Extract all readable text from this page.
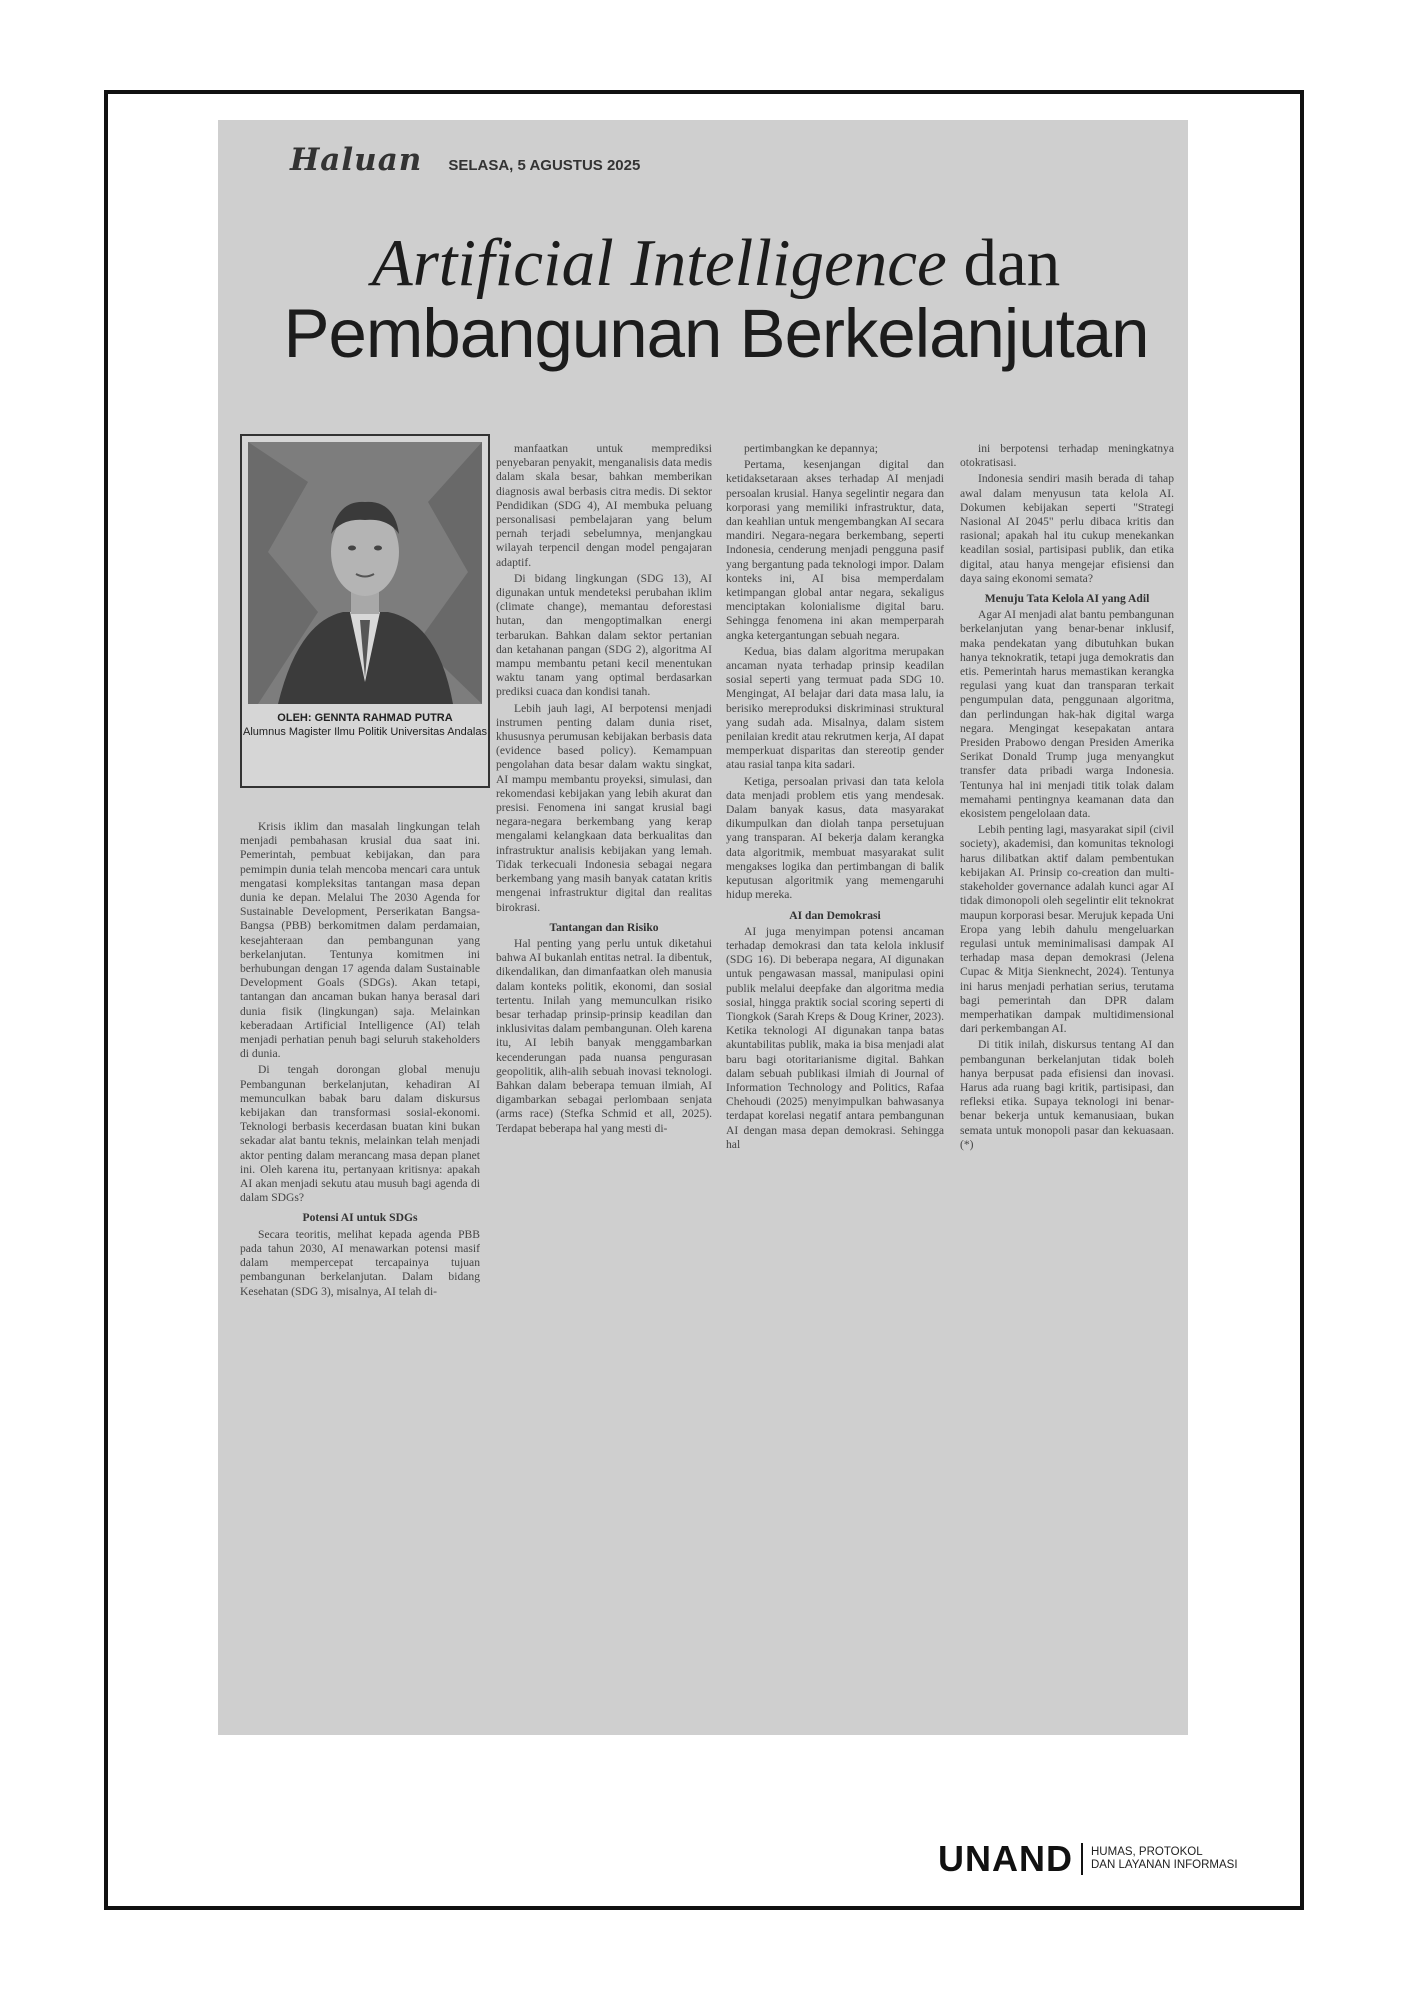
Haluan SELASA, 5 AGUSTUS 2025
Artificial Intelligence dan
Pembangunan Berkelanjutan
OLEH: GENNTA RAHMAD PUTRA
Alumnus Magister Ilmu Politik Universitas Andalas

Krisis iklim dan masalah lingkungan telah menjadi pembahasan krusial dua saat ini. Pemerintah, pembuat kebijakan, dan para pemimpin dunia telah mencoba mencari cara untuk mengatasi kompleksitas tantangan masa depan dunia ke depan. Melalui The 2030 Agenda for Sustainable Development, Perserikatan Bangsa-Bangsa (PBB) berkomitmen dalam perdamaian, kesejahteraan dan pembangunan yang berkelanjutan. Tentunya komitmen ini berhubungan dengan 17 agenda dalam Sustainable Development Goals (SDGs). Akan tetapi, tantangan dan ancaman bukan hanya berasal dari dunia fisik (lingkungan) saja. Melainkan keberadaan Artificial Intelligence (AI) telah menjadi perhatian penuh bagi seluruh stakeholders di dunia.

Di tengah dorongan global menuju Pembangunan berkelanjutan, kehadiran AI memunculkan babak baru dalam diskursus kebijakan dan transformasi sosial-ekonomi. Teknologi berbasis kecerdasan buatan kini bukan sekadar alat bantu teknis, melainkan telah menjadi aktor penting dalam merancang masa depan planet ini. Oleh karena itu, pertanyaan kritisnya: apakah AI akan menjadi sekutu atau musuh bagi agenda di dalam SDGs?

Potensi AI untuk SDGs

Secara teoritis, melihat kepada agenda PBB pada tahun 2030, AI menawarkan potensi masif dalam mempercepat tercapainya tujuan pembangunan berkelanjutan. Dalam bidang Kesehatan (SDG 3), misalnya, AI telah di-

manfaatkan untuk memprediksi penyebaran penyakit, menganalisis data medis dalam skala besar, bahkan memberikan diagnosis awal berbasis citra medis. Di sektor Pendidikan (SDG 4), AI membuka peluang personalisasi pembelajaran yang belum pernah terjadi sebelumnya, menjangkau wilayah terpencil dengan model pengajaran adaptif.

Di bidang lingkungan (SDG 13), AI digunakan untuk mendeteksi perubahan iklim (climate change), memantau deforestasi hutan, dan mengoptimalkan energi terbarukan. Bahkan dalam sektor pertanian dan ketahanan pangan (SDG 2), algoritma AI mampu membantu petani kecil menentukan waktu tanam yang optimal berdasarkan prediksi cuaca dan kondisi tanah.

Lebih jauh lagi, AI berpotensi menjadi instrumen penting dalam dunia riset, khususnya perumusan kebijakan berbasis data (evidence based policy). Kemampuan pengolahan data besar dalam waktu singkat, AI mampu membantu proyeksi, simulasi, dan rekomendasi kebijakan yang lebih akurat dan presisi. Fenomena ini sangat krusial bagi negara-negara berkembang yang kerap mengalami kelangkaan data berkualitas dan infrastruktur analisis kebijakan yang lemah. Tidak terkecuali Indonesia sebagai negara berkembang yang masih banyak catatan kritis mengenai infrastruktur digital dan realitas birokrasi.

Tantangan dan Risiko

Hal penting yang perlu untuk diketahui bahwa AI bukanlah entitas netral. Ia dibentuk, dikendalikan, dan dimanfaatkan oleh manusia dalam konteks politik, ekonomi, dan sosial tertentu. Inilah yang memunculkan risiko besar terhadap prinsip-prinsip keadilan dan inklusivitas dalam pembangunan. Oleh karena itu, AI lebih banyak menggambarkan kecenderungan pada nuansa pengurasan geopolitik, alih-alih sebuah inovasi teknologi. Bahkan dalam beberapa temuan ilmiah, AI digambarkan sebagai perlombaan senjata (arms race) (Stefka Schmid et all, 2025). Terdapat beberapa hal yang mesti di-

pertimbangkan ke depannya;

Pertama, kesenjangan digital dan ketidaksetaraan akses terhadap AI menjadi persoalan krusial. Hanya segelintir negara dan korporasi yang memiliki infrastruktur, data, dan keahlian untuk mengembangkan AI secara mandiri. Negara-negara berkembang, seperti Indonesia, cenderung menjadi pengguna pasif yang bergantung pada teknologi impor. Dalam konteks ini, AI bisa memperdalam ketimpangan global antar negara, sekaligus menciptakan kolonialisme digital baru. Sehingga fenomena ini akan memperparah angka ketergantungan sebuah negara.

Kedua, bias dalam algoritma merupakan ancaman nyata terhadap prinsip keadilan sosial seperti yang termuat pada SDG 10. Mengingat, AI belajar dari data masa lalu, ia berisiko mereproduksi diskriminasi struktural yang sudah ada. Misalnya, dalam sistem penilaian kredit atau rekrutmen kerja, AI dapat memperkuat disparitas dan stereotip gender atau rasial tanpa kita sadari.

Ketiga, persoalan privasi dan tata kelola data menjadi problem etis yang mendesak. Dalam banyak kasus, data masyarakat dikumpulkan dan diolah tanpa persetujuan yang transparan. AI bekerja dalam kerangka data algoritmik, membuat masyarakat sulit mengakses logika dan pertimbangan di balik keputusan algoritmik yang memengaruhi hidup mereka.

AI dan Demokrasi

AI juga menyimpan potensi ancaman terhadap demokrasi dan tata kelola inklusif (SDG 16). Di beberapa negara, AI digunakan untuk pengawasan massal, manipulasi opini publik melalui deepfake dan algoritma media sosial, hingga praktik social scoring seperti di Tiongkok (Sarah Kreps & Doug Kriner, 2023). Ketika teknologi AI digunakan tanpa batas akuntabilitas publik, maka ia bisa menjadi alat baru bagi otoritarianisme digital. Bahkan dalam sebuah publikasi ilmiah di Journal of Information Technology and Politics, Rafaa Chehoudi (2025) menyimpulkan bahwasanya terdapat korelasi negatif antara pembangunan AI dengan masa depan demokrasi. Sehingga hal

ini berpotensi terhadap meningkatnya otokratisasi.

Indonesia sendiri masih berada di tahap awal dalam menyusun tata kelola AI. Dokumen kebijakan seperti "Strategi Nasional AI 2045" perlu dibaca kritis dan rasional; apakah hal itu cukup menekankan keadilan sosial, partisipasi publik, dan etika digital, atau hanya mengejar efisiensi dan daya saing ekonomi semata?

Menuju Tata Kelola AI yang Adil

Agar AI menjadi alat bantu pembangunan berkelanjutan yang benar-benar inklusif, maka pendekatan yang dibutuhkan bukan hanya teknokratik, tetapi juga demokratis dan etis. Pemerintah harus memastikan kerangka regulasi yang kuat dan transparan terkait pengumpulan data, penggunaan algoritma, dan perlindungan hak-hak digital warga negara. Mengingat kesepakatan antara Presiden Prabowo dengan Presiden Amerika Serikat Donald Trump juga menyangkut transfer data pribadi warga Indonesia. Tentunya hal ini menjadi titik tolak dalam memahami pentingnya keamanan data dan ekosistem pengelolaan data.

Lebih penting lagi, masyarakat sipil (civil society), akademisi, dan komunitas teknologi harus dilibatkan aktif dalam pembentukan kebijakan AI. Prinsip co-creation dan multi-stakeholder governance adalah kunci agar AI tidak dimonopoli oleh segelintir elit teknokrat maupun korporasi besar. Merujuk kepada Uni Eropa yang lebih dahulu mengeluarkan regulasi untuk meminimalisasi dampak AI terhadap masa depan demokrasi (Jelena Cupac & Mitja Sienknecht, 2024). Tentunya ini harus menjadi perhatian serius, terutama bagi pemerintah dan DPR dalam memperhatikan dampak multidimensional dari perkembangan AI.

Di titik inilah, diskursus tentang AI dan pembangunan berkelanjutan tidak boleh hanya berpusat pada efisiensi dan inovasi. Harus ada ruang bagi kritik, partisipasi, dan refleksi etika. Supaya teknologi ini benar-benar bekerja untuk kemanusiaan, bukan semata untuk monopoli pasar dan kekuasaan. (*)

UNAND HUMAS, PROTOKOL
DAN LAYANAN INFORMASI
